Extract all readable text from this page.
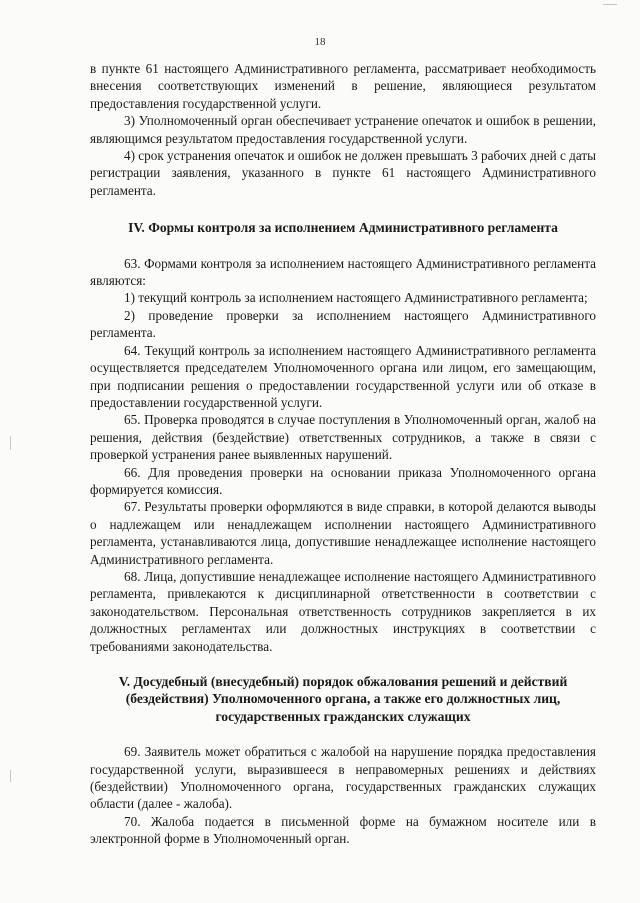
18

в пункте 61 настоящего Административного регламента, рассматривает необходимость внесения соответствующих изменений в решение, являющиеся результатом предоставления государственной услуги.

3) Уполномоченный орган обеспечивает устранение опечаток и ошибок в решении, являющимся результатом предоставления государственной услуги.

4) срок устранения опечаток и ошибок не должен превышать 3 рабочих дней с даты регистрации заявления, указанного в пункте 61 настоящего Административного регламента.

IV. Формы контроля за исполнением Административного регламента

63. Формами контроля за исполнением настоящего Административного регламента являются:

1) текущий контроль за исполнением настоящего Административного регламента;

2) проведение проверки за исполнением настоящего Административного регламента.

64. Текущий контроль за исполнением настоящего Административного регламента осуществляется председателем Уполномоченного органа или лицом, его замещающим, при подписании решения о предоставлении государственной услуги или об отказе в предоставлении государственной услуги.

65. Проверка проводятся в случае поступления в Уполномоченный орган, жалоб на решения, действия (бездействие) ответственных сотрудников, а также в связи с проверкой устранения ранее выявленных нарушений.

66. Для проведения проверки на основании приказа Уполномоченного органа формируется комиссия.

67. Результаты проверки оформляются в виде справки, в которой делаются выводы о надлежащем или ненадлежащем исполнении настоящего Административного регламента, устанавливаются лица, допустившие ненадлежащее исполнение настоящего Административного регламента.

68. Лица, допустившие ненадлежащее исполнение настоящего Административного регламента, привлекаются к дисциплинарной ответственности в соответствии с законодательством. Персональная ответственность сотрудников закрепляется в их должностных регламентах или должностных инструкциях в соответствии с требованиями законодательства.

V. Досудебный (внесудебный) порядок обжалования решений и действий (бездействия) Уполномоченного органа, а также его должностных лиц, государственных гражданских служащих

69. Заявитель может обратиться с жалобой на нарушение порядка предоставления государственной услуги, выразившееся в неправомерных решениях и действиях (бездействии) Уполномоченного органа, государственных гражданских служащих области (далее - жалоба).

70. Жалоба подается в письменной форме на бумажном носителе или в электронной форме в Уполномоченный орган.
